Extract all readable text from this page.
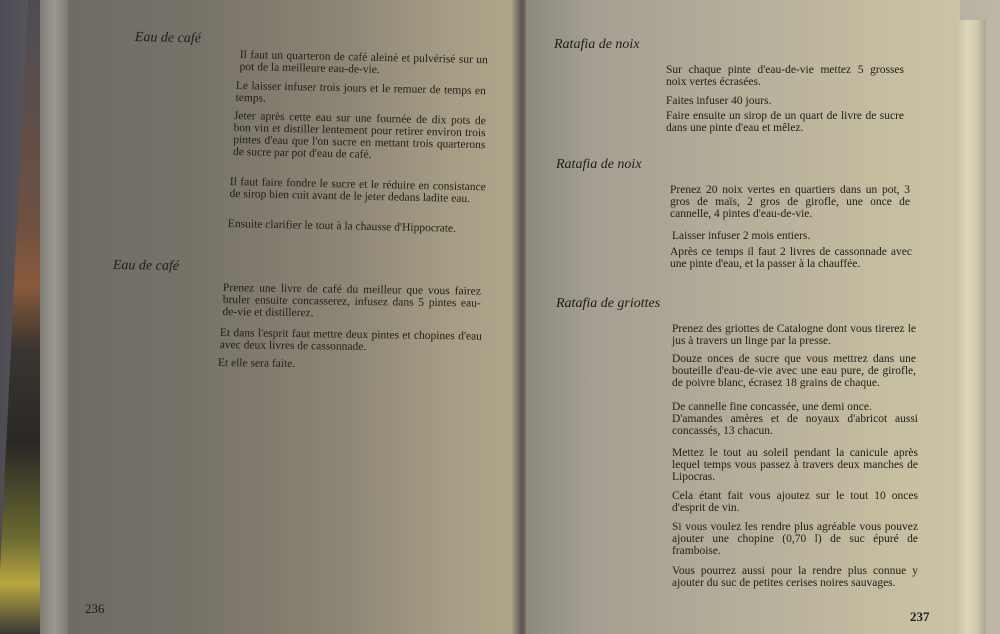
Eau de café
Il faut un quarteron de café aleiné et pulvérisé sur un pot de la meilleure eau-de-vie.
Le laisser infuser trois jours et le remuer de temps en temps.
Jeter après cette eau sur une fournée de dix pots de bon vin et distiller lentement pour retirer environ trois pintes d'eau que l'on sucre en mettant trois quarterons de sucre par pot d'eau de café.
Il faut faire fondre le sucre et le réduire en consistance de sirop bien cuit avant de le jeter dedans ladite eau.
Ensuite clarifier le tout à la chausse d'Hippocrate.
Eau de café
Prenez une livre de café du meilleur que vous fairez bruler ensuite concasserez, infusez dans 5 pintes eau-de-vie et distillerez.
Et dans l'esprit faut mettre deux pintes et chopines d'eau avec deux livres de cassonnade.
Et elle sera faite.
236
Ratafia de noix
Sur chaque pinte d'eau-de-vie mettez 5 grosses noix vertes écrasées.
Faites infuser 40 jours.
Faire ensuite un sirop de un quart de livre de sucre dans une pinte d'eau et mêlez.
Ratafia de noix
Prenez 20 noix vertes en quartiers dans un pot, 3 gros de maïs, 2 gros de girofle, une once de cannelle, 4 pintes d'eau-de-vie.
Laisser infuser 2 mois entiers.
Après ce temps il faut 2 livres de cassonnade avec une pinte d'eau, et la passer à la chauffée.
Ratafia de griottes
Prenez des griottes de Catalogne dont vous tirerez le jus à travers un linge par la presse.
Douze onces de sucre que vous mettrez dans une bouteille d'eau-de-vie avec une eau pure, de girofle, de poivre blanc, écrasez 18 grains de chaque.
De cannelle fine concassée, une demi once.
D'amandes amères et de noyaux d'abricot aussi concassés, 13 chacun.
Mettez le tout au soleil pendant la canicule après lequel temps vous passez à travers deux manches de Lipocras.
Cela étant fait vous ajoutez sur le tout 10 onces d'esprit de vin.
Si vous voulez les rendre plus agréable vous pouvez ajouter une chopine (0,70 l) de suc épuré de framboise.
Vous pourrez aussi pour la rendre plus connue y ajouter du suc de petites cerises noires sauvages.
237
